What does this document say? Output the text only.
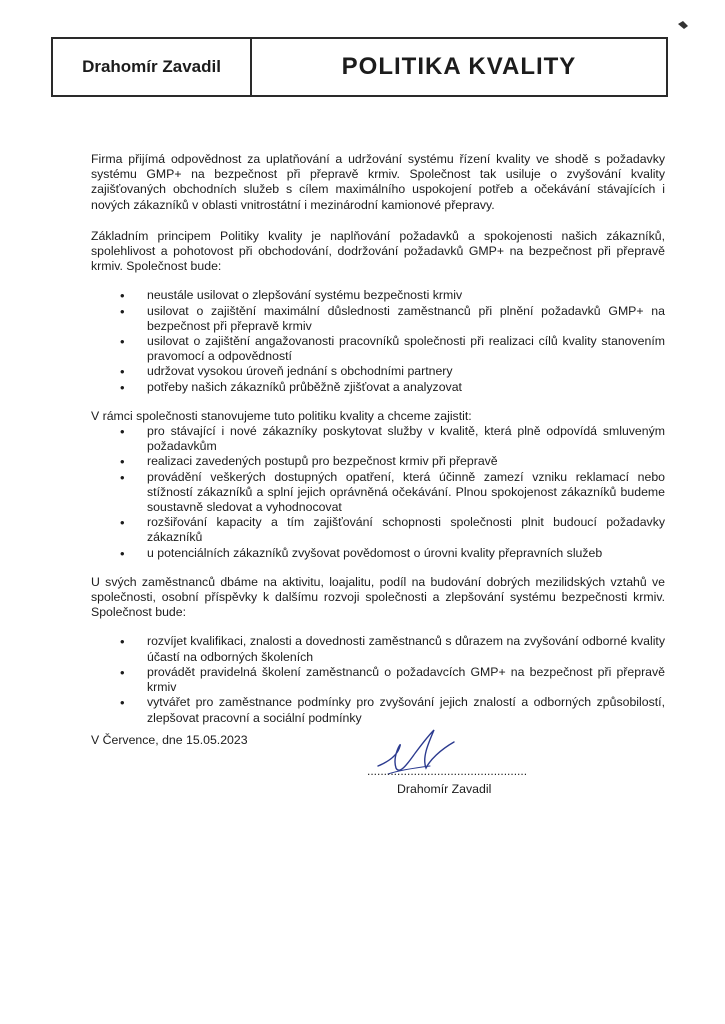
Drahomír Zavadil	POLITIKA KVALITY

Firma přijímá odpovědnost za uplatňování a udržování systému řízení kvality ve shodě s požadavky systému GMP+ na bezpečnost při přepravě krmiv. Společnost tak usiluje o zvyšování kvality zajišťovaných obchodních služeb s cílem maximálního uspokojení potřeb a očekávání stávajících i nových zákazníků v oblasti vnitrostátní i mezinárodní kamionové přepravy.

Základním principem Politiky kvality je naplňování požadavků a spokojenosti našich zákazníků, spolehlivost a pohotovost při obchodování, dodržování požadavků GMP+ na bezpečnost při přepravě krmiv. Společnost bude:

• neustále usilovat o zlepšování systému bezpečnosti krmiv
• usilovat o zajištění maximální důslednosti zaměstnanců při plnění požadavků GMP+ na bezpečnost při přepravě krmiv
• usilovat o zajištění angažovanosti pracovníků společnosti při realizaci cílů kvality stanovením pravomocí a odpovědností
• udržovat vysokou úroveň jednání s obchodními partnery
• potřeby našich zákazníků průběžně zjišťovat a analyzovat

V rámci společnosti stanovujeme tuto politiku kvality a chceme zajistit:

• pro stávající i nové zákazníky poskytovat služby v kvalitě, která plně odpovídá smluveným požadavkům
• realizaci zavedených postupů pro bezpečnost krmiv při přepravě
• provádění veškerých dostupných opatření, která účinně zamezí vzniku reklamací nebo stížností zákazníků a splní jejich oprávněná očekávání. Plnou spokojenost zákazníků budeme soustavně sledovat a vyhodnocovat
• rozšiřování kapacity a tím zajišťování schopnosti společnosti plnit budoucí požadavky zákazníků
• u potenciálních zákazníků zvyšovat povědomost o úrovni kvality přepravních služeb

U svých zaměstnanců dbáme na aktivitu, loajalitu, podíl na budování dobrých mezilidských vztahů ve společnosti, osobní příspěvky k dalšímu rozvoji společnosti a zlepšování systému bezpečnosti krmiv. Společnost bude:

• rozvíjet kvalifikaci, znalosti a dovednosti zaměstnanců s důrazem na zvyšování odborné kvality účastí na odborných školeních
• provádět pravidelná školení zaměstnanců o požadavcích GMP+ na bezpečnost při přepravě krmiv
• vytvářet pro zaměstnance podmínky pro zvyšování jejich znalostí a odborných způsobilostí, zlepšovat pracovní a sociální podmínky
V Července, dne 15.05.2023
................................................
Drahomír Zavadil
